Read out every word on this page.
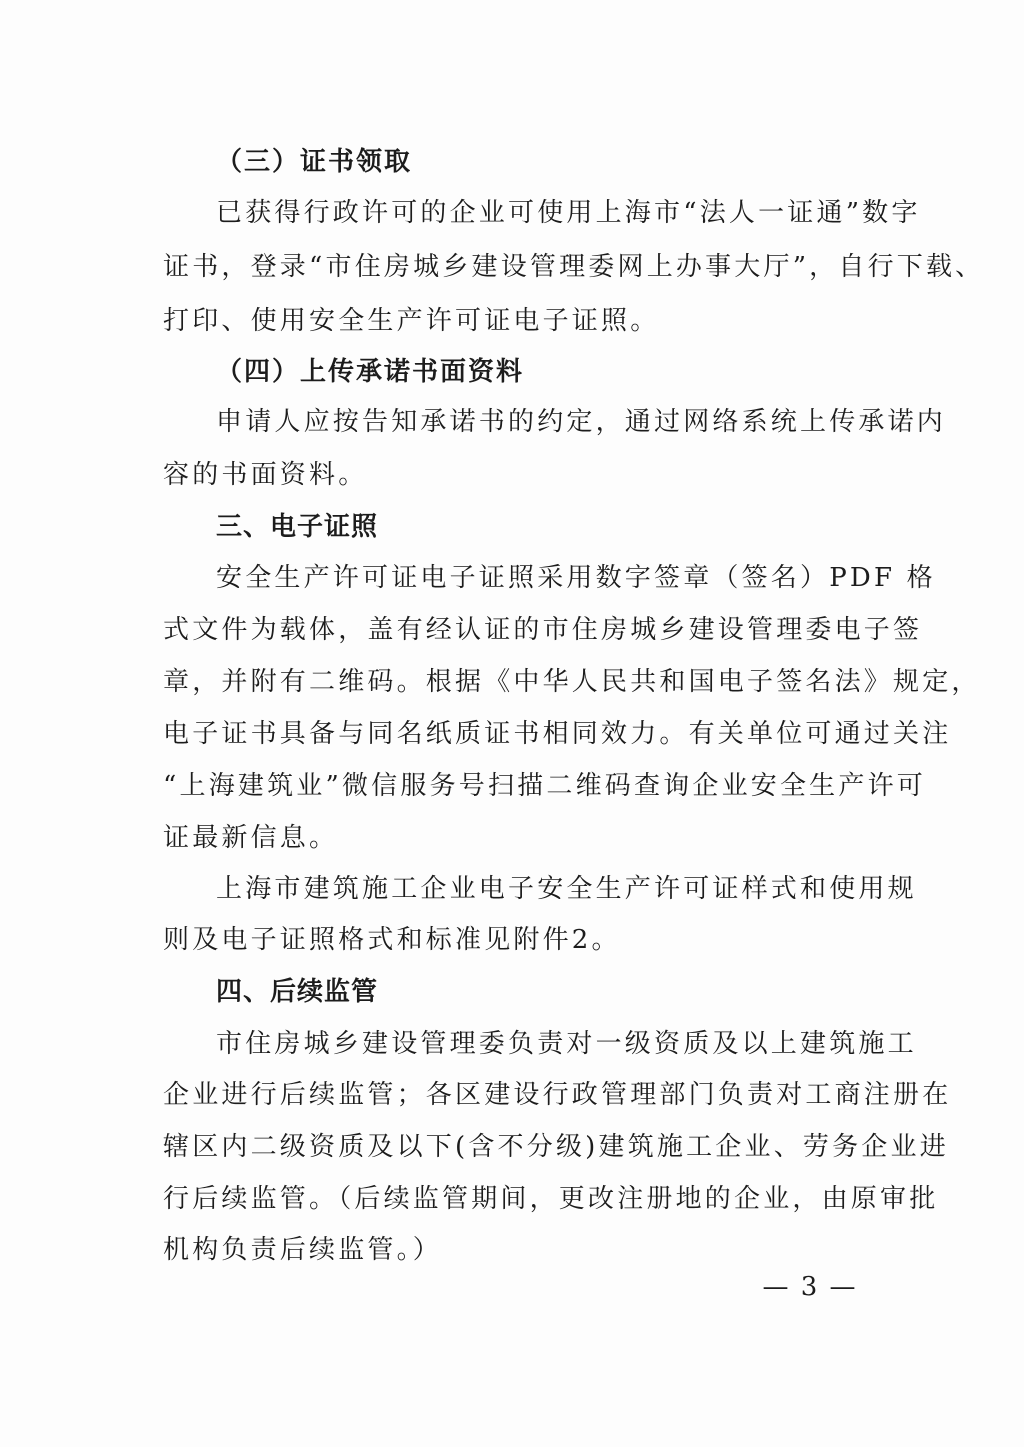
（三）证书领取
已获得行政许可的企业可使用上海市“法人一证通”数字
证书，登录“市住房城乡建设管理委网上办事大厅”，自行下载、
打印、使用安全生产许可证电子证照。
（四）上传承诺书面资料
申请人应按告知承诺书的约定，通过网络系统上传承诺内
容的书面资料。
三、电子证照
安全生产许可证电子证照采用数字签章（签名）PDF 格
式文件为载体，盖有经认证的市住房城乡建设管理委电子签
章，并附有二维码。根据《中华人民共和国电子签名法》规定，
电子证书具备与同名纸质证书相同效力。有关单位可通过关注
“上海建筑业”微信服务号扫描二维码查询企业安全生产许可
证最新信息。
上海市建筑施工企业电子安全生产许可证样式和使用规
则及电子证照格式和标准见附件2。
四、后续监管
市住房城乡建设管理委负责对一级资质及以上建筑施工
企业进行后续监管；各区建设行政管理部门负责对工商注册在
辖区内二级资质及以下(含不分级)建筑施工企业、劳务企业进
行后续监管。（后续监管期间，更改注册地的企业，由原审批
机构负责后续监管。）
— 3 —
